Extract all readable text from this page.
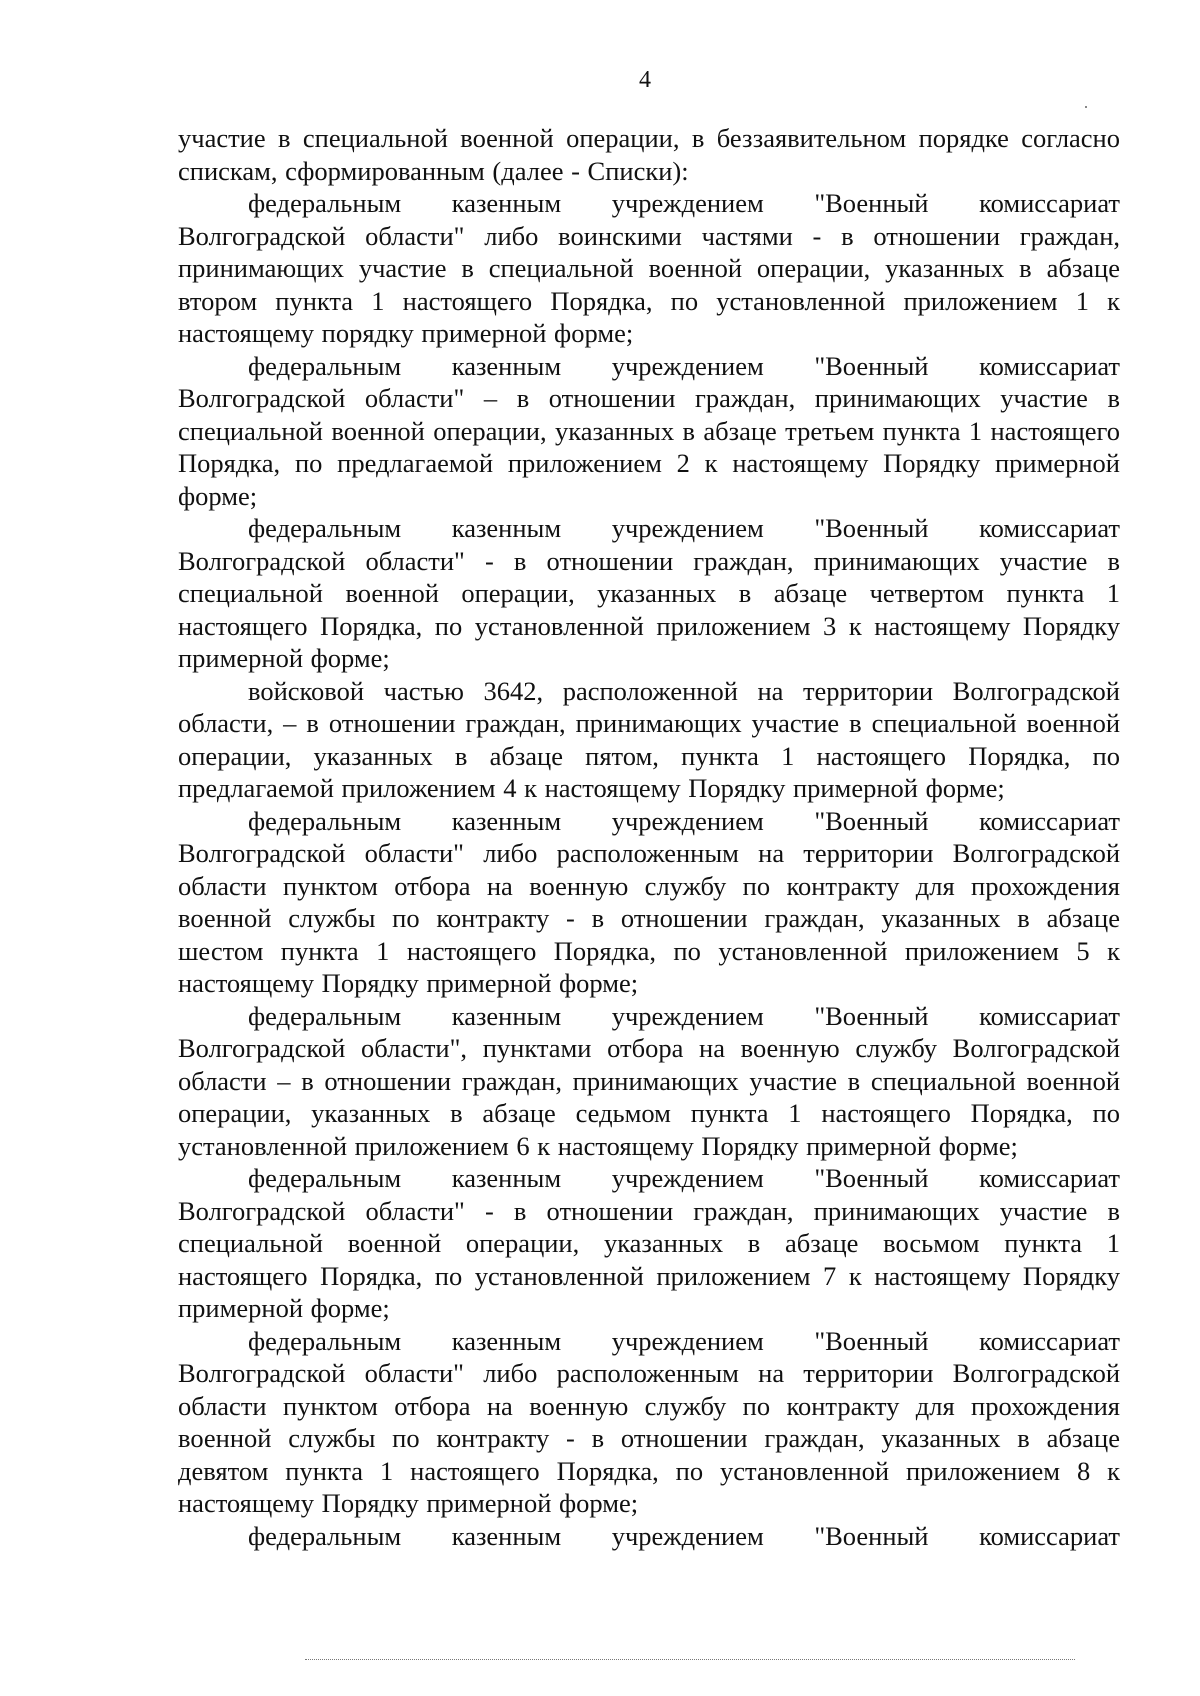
4

участие в специальной военной операции, в беззаявительном порядке согласно спискам, сформированным (далее - Списки):

федеральным казенным учреждением "Военный комиссариат Волгоградской области" либо воинскими частями - в отношении граждан, принимающих участие в специальной военной операции, указанных в абзаце втором пункта 1 настоящего Порядка, по установленной приложением 1 к настоящему порядку примерной форме;

федеральным казенным учреждением "Военный комиссариат Волгоградской области" – в отношении граждан, принимающих участие в специальной военной операции, указанных в абзаце третьем пункта 1 настоящего Порядка, по предлагаемой приложением 2 к настоящему Порядку примерной форме;

федеральным казенным учреждением "Военный комиссариат Волгоградской области" - в отношении граждан, принимающих участие в специальной военной операции, указанных в абзаце четвертом пункта 1 настоящего Порядка, по установленной приложением 3 к настоящему Порядку примерной форме;

войсковой частью 3642, расположенной на территории Волгоградской области, – в отношении граждан, принимающих участие в специальной военной операции, указанных в абзаце пятом, пункта 1 настоящего Порядка, по предлагаемой приложением 4 к настоящему Порядку примерной форме;

федеральным казенным учреждением "Военный комиссариат Волгоградской области" либо расположенным на территории Волгоградской области пунктом отбора на военную службу по контракту для прохождения военной службы по контракту - в отношении граждан, указанных в абзаце шестом пункта 1 настоящего Порядка, по установленной приложением 5 к настоящему Порядку примерной форме;

федеральным казенным учреждением "Военный комиссариат Волгоградской области", пунктами отбора на военную службу Волгоградской области – в отношении граждан, принимающих участие в специальной военной операции, указанных в абзаце седьмом пункта 1 настоящего Порядка, по установленной приложением 6 к настоящему Порядку примерной форме;

федеральным казенным учреждением "Военный комиссариат Волгоградской области" - в отношении граждан, принимающих участие в специальной военной операции, указанных в абзаце восьмом пункта 1 настоящего Порядка, по установленной приложением 7 к настоящему Порядку примерной форме;

федеральным казенным учреждением "Военный комиссариат Волгоградской области" либо расположенным на территории Волгоградской области пунктом отбора на военную службу по контракту для прохождения военной службы по контракту - в отношении граждан, указанных в абзаце девятом пункта 1 настоящего Порядка, по установленной приложением 8 к настоящему Порядку примерной форме;

федеральным казенным учреждением "Военный комиссариат
